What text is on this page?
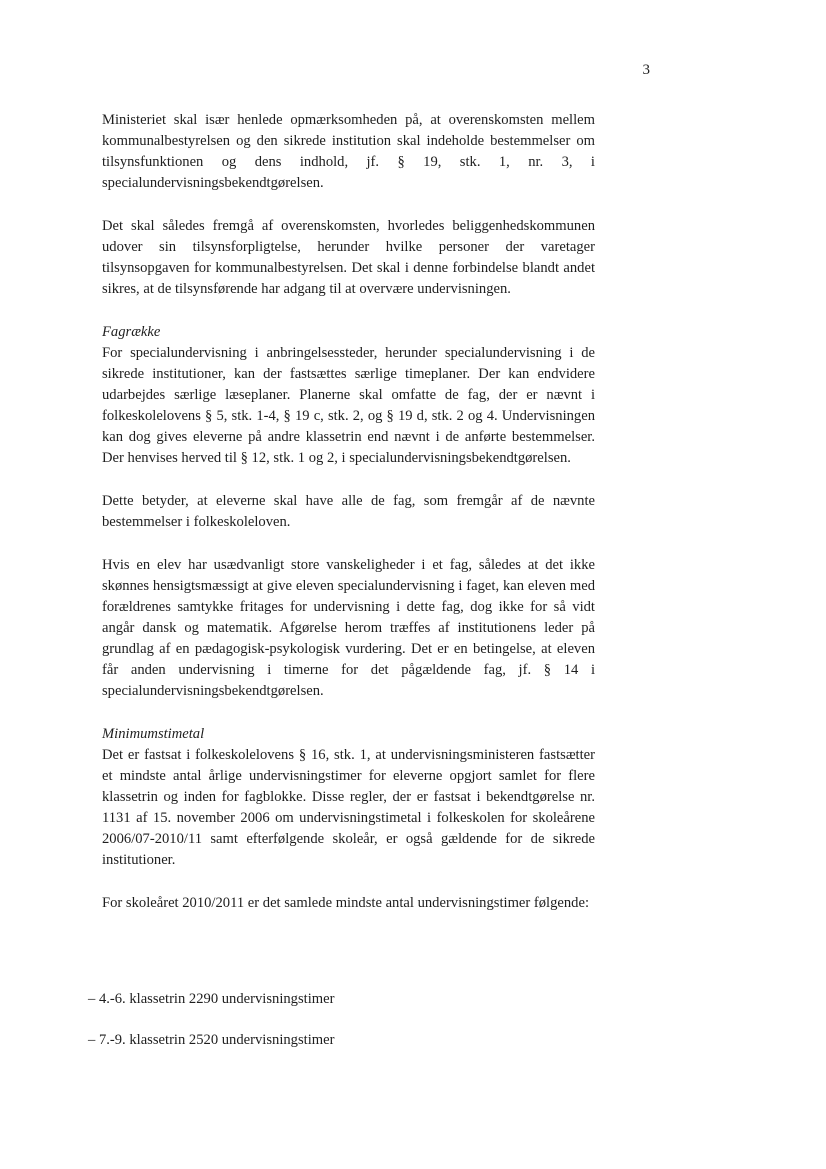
3

Ministeriet skal især henlede opmærksomheden på, at overenskomsten mellem kommunalbestyrelsen og den sikrede institution skal indeholde bestemmelser om tilsynsfunktionen og dens indhold, jf. § 19, stk. 1, nr. 3, i specialundervisningsbekendtgørelsen.

Det skal således fremgå af overenskomsten, hvorledes beliggenhedskommunen udover sin tilsynsforpligtelse, herunder hvilke personer der varetager tilsynsopgaven for kommunalbestyrelsen. Det skal i denne forbindelse blandt andet sikres, at de tilsynsførende har adgang til at overvære undervisningen.

Fagrække

For specialundervisning i anbringelsessteder, herunder specialundervisning i de sikrede institutioner, kan der fastsættes særlige timeplaner. Der kan endvidere udarbejdes særlige læseplaner. Planerne skal omfatte de fag, der er nævnt i folkeskolelovens § 5, stk. 1-4, § 19 c, stk. 2, og § 19 d, stk. 2 og 4. Undervisningen kan dog gives eleverne på andre klassetrin end nævnt i de anførte bestemmelser. Der henvises herved til § 12, stk. 1 og 2, i specialundervisningsbekendtgørelsen.

Dette betyder, at eleverne skal have alle de fag, som fremgår af de nævnte bestemmelser i folkeskoleloven.

Hvis en elev har usædvanligt store vanskeligheder i et fag, således at det ikke skønnes hensigtsmæssigt at give eleven specialundervisning i faget, kan eleven med forældrenes samtykke fritages for undervisning i dette fag, dog ikke for så vidt angår dansk og matematik. Afgørelse herom træffes af institutionens leder på grundlag af en pædagogisk-psykologisk vurdering. Det er en betingelse, at eleven får anden undervisning i timerne for det pågældende fag, jf. § 14 i specialundervisningsbekendtgørelsen.

Minimumstimetal

Det er fastsat i folkeskolelovens § 16, stk. 1, at undervisningsministeren fastsætter et mindste antal årlige undervisningstimer for eleverne opgjort samlet for flere klassetrin og inden for fagblokke. Disse regler, der er fastsat i bekendtgørelse nr. 1131 af 15. november 2006 om undervisningstimetal i folkeskolen for skoleårene 2006/07-2010/11 samt efterfølgende skoleår, er også gældende for de sikrede institutioner.

For skoleåret 2010/2011 er det samlede mindste antal undervisningstimer følgende:

– 4.-6. klassetrin 2290 undervisningstimer
– 7.-9. klassetrin 2520 undervisningstimer
